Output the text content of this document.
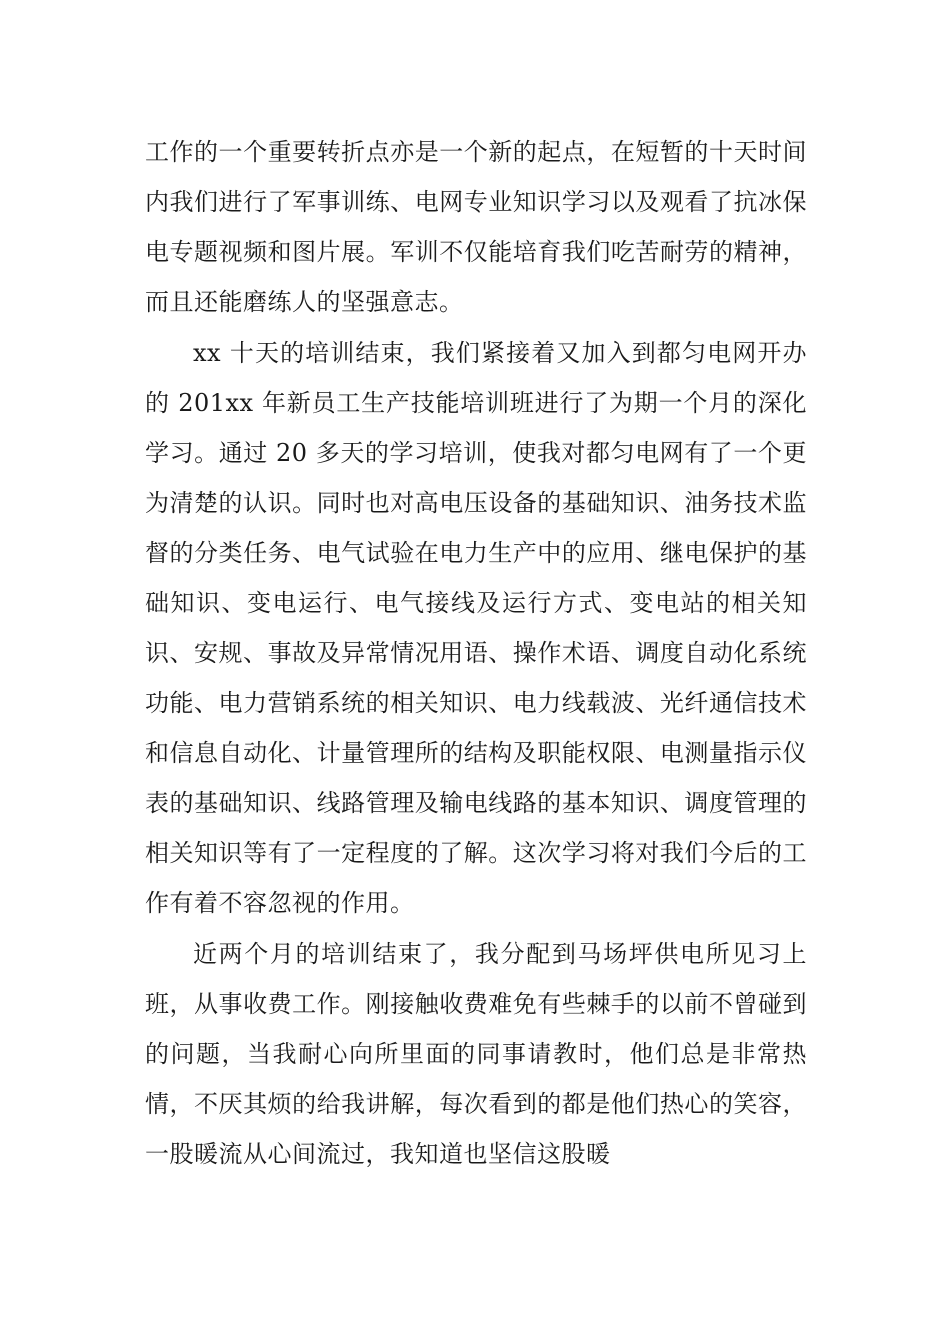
工作的一个重要转折点亦是一个新的起点，在短暂的十天时间内我们进行了军事训练、电网专业知识学习以及观看了抗冰保电专题视频和图片展。军训不仅能培育我们吃苦耐劳的精神，而且还能磨练人的坚强意志。

xx 十天的培训结束，我们紧接着又加入到都匀电网开办的 201xx 年新员工生产技能培训班进行了为期一个月的深化学习。通过 20 多天的学习培训，使我对都匀电网有了一个更为清楚的认识。同时也对高电压设备的基础知识、油务技术监督的分类任务、电气试验在电力生产中的应用、继电保护的基础知识、变电运行、电气接线及运行方式、变电站的相关知识、安规、事故及异常情况用语、操作术语、调度自动化系统功能、电力营销系统的相关知识、电力线载波、光纤通信技术和信息自动化、计量管理所的结构及职能权限、电测量指示仪表的基础知识、线路管理及输电线路的基本知识、调度管理的相关知识等有了一定程度的了解。这次学习将对我们今后的工作有着不容忽视的作用。

近两个月的培训结束了，我分配到马场坪供电所见习上班，从事收费工作。刚接触收费难免有些棘手的以前不曾碰到的问题，当我耐心向所里面的同事请教时，他们总是非常热情，不厌其烦的给我讲解，每次看到的都是他们热心的笑容，一股暖流从心间流过，我知道也坚信这股暖
